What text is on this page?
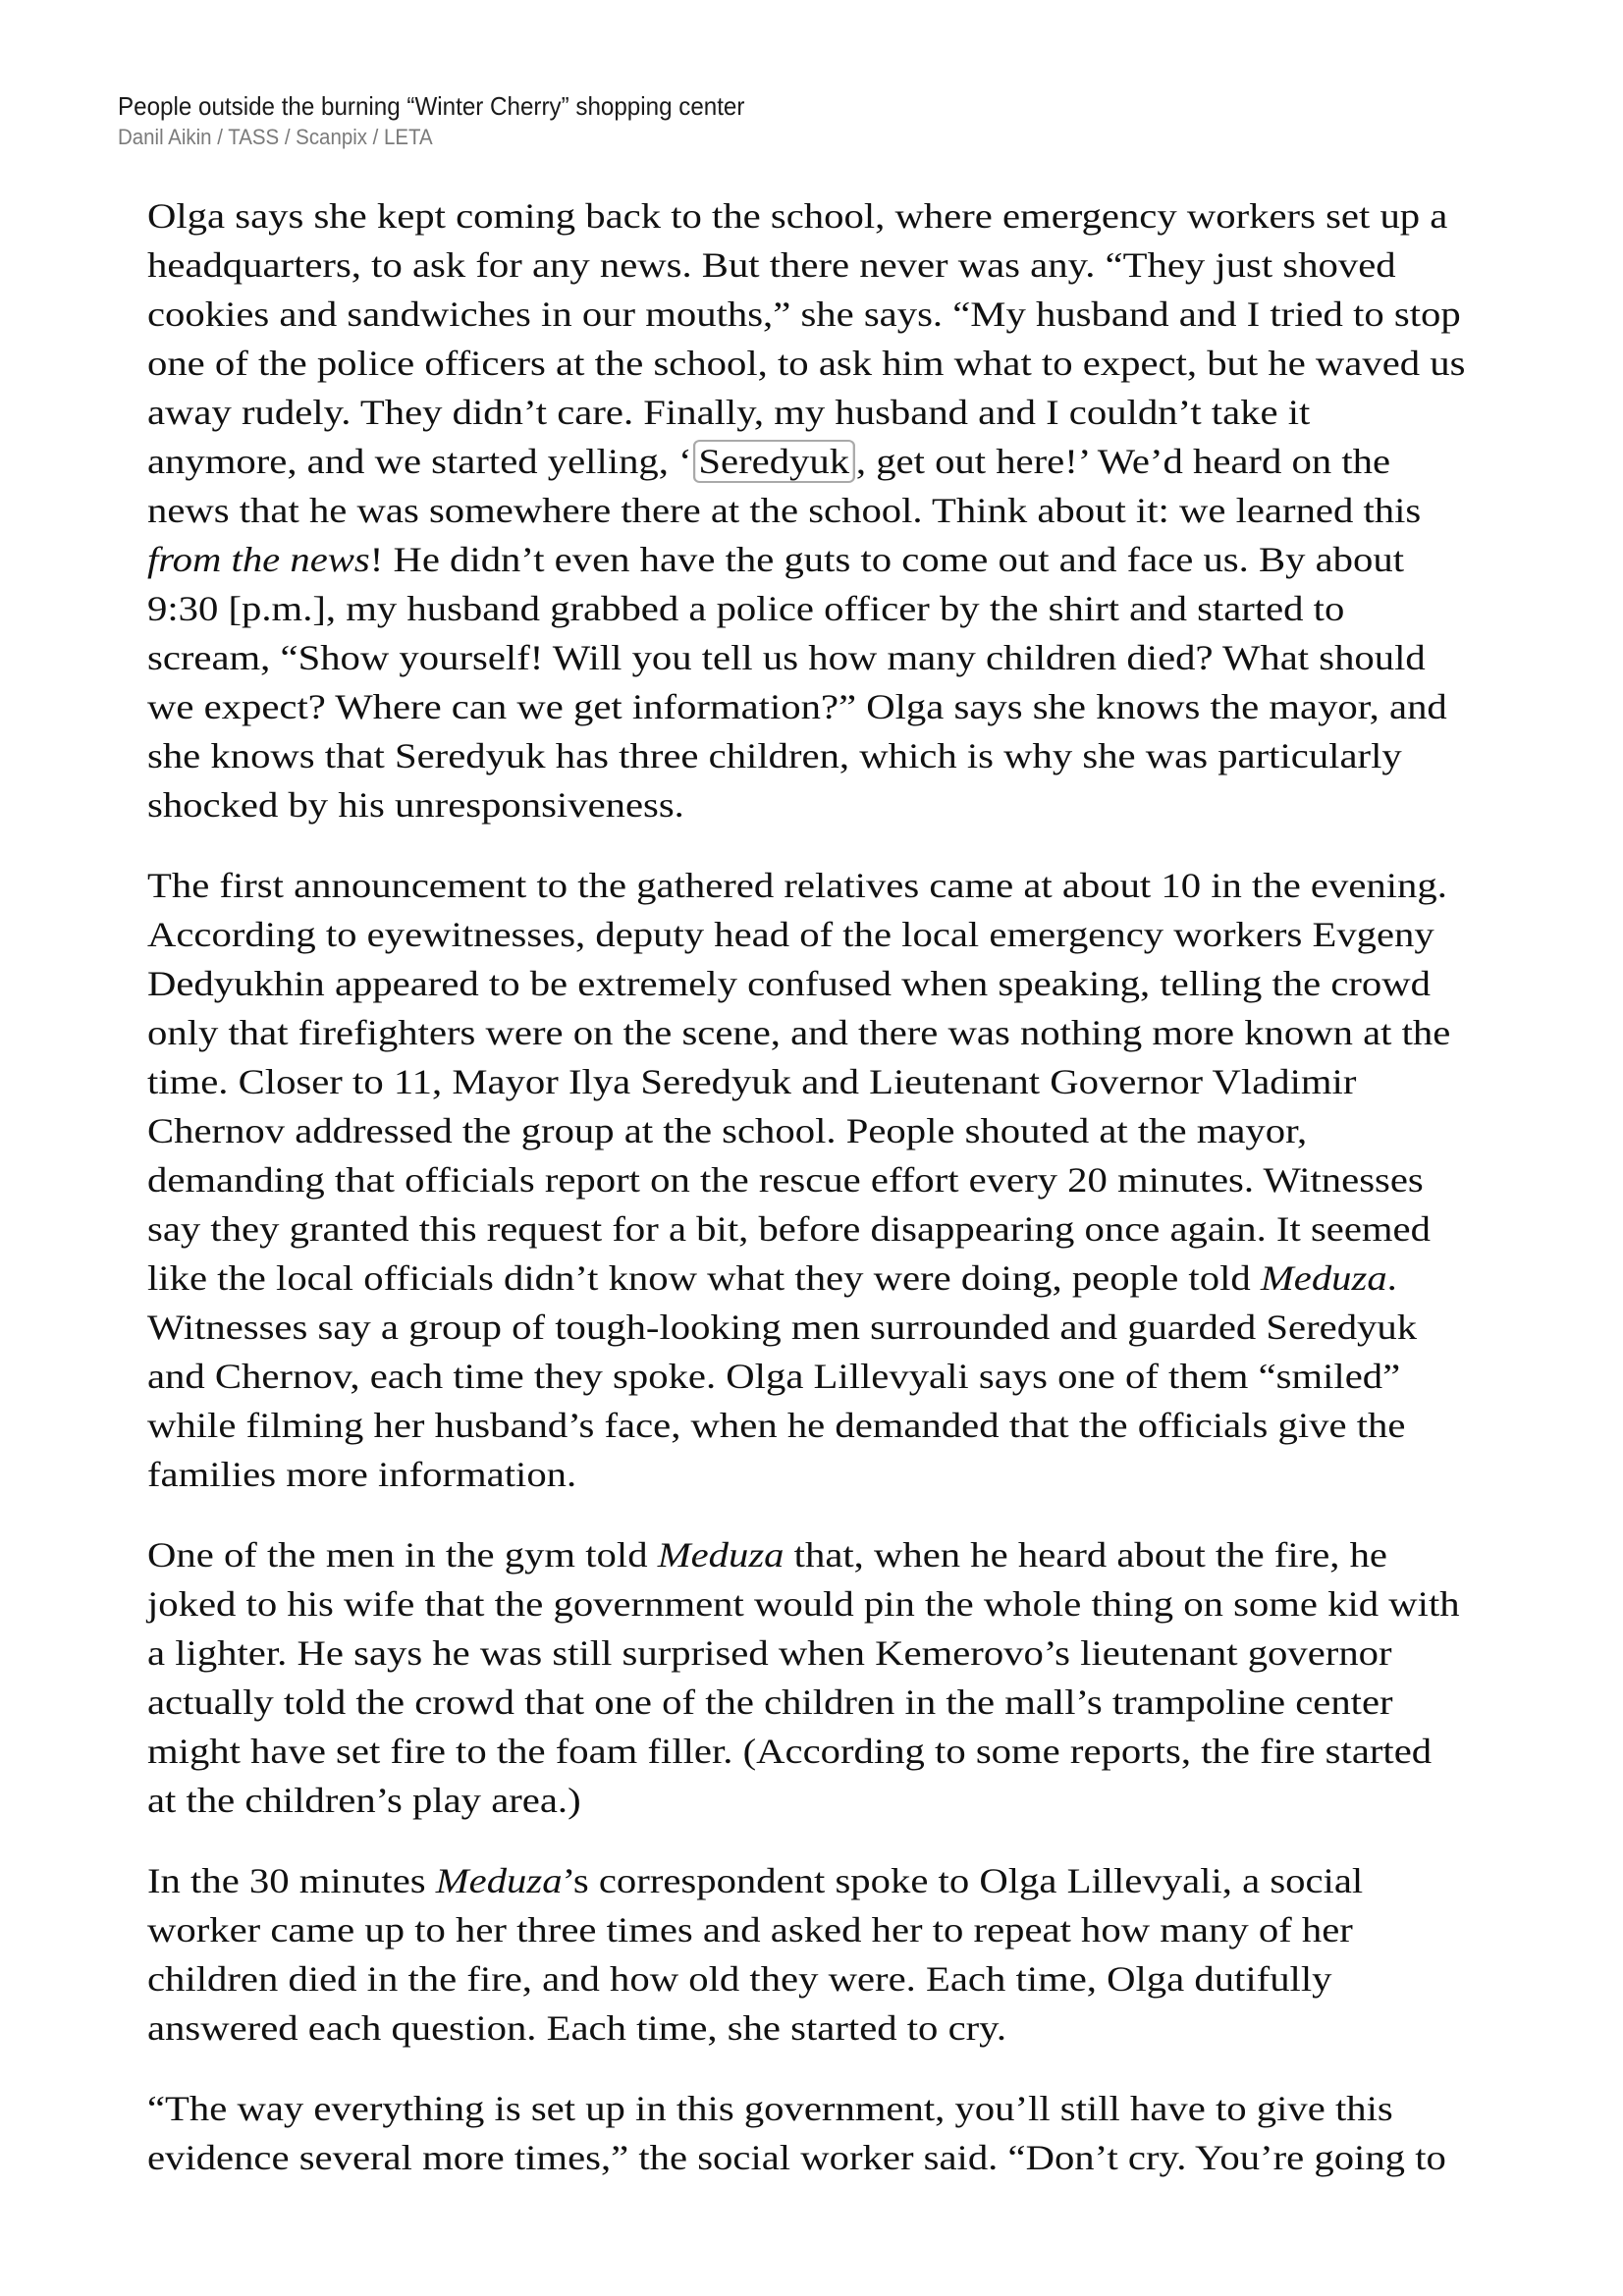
People outside the burning “Winter Cherry” shopping center
Danil Aikin / TASS / Scanpix / LETA
Olga says she kept coming back to the school, where emergency workers set up a
headquarters, to ask for any news. But there never was any. “They just shoved
cookies and sandwiches in our mouths,” she says. “My husband and I tried to stop
one of the police officers at the school, to ask him what to expect, but he waved us
away rudely. They didn’t care. Finally, my husband and I couldn’t take it
anymore, and we started yelling, ‘ Seredyuk , get out here!’ We’d heard on the
news that he was somewhere there at the school. Think about it: we learned this
from the news! He didn’t even have the guts to come out and face us. By about
9:30 [p.m.], my husband grabbed a police officer by the shirt and started to
scream, “Show yourself! Will you tell us how many children died? What should
we expect? Where can we get information?” Olga says she knows the mayor, and
she knows that Seredyuk has three children, which is why she was particularly
shocked by his unresponsiveness.
The first announcement to the gathered relatives came at about 10 in the evening.
According to eyewitnesses, deputy head of the local emergency workers Evgeny
Dedyukhin appeared to be extremely confused when speaking, telling the crowd
only that firefighters were on the scene, and there was nothing more known at the
time. Closer to 11, Mayor Ilya Seredyuk and Lieutenant Governor Vladimir
Chernov addressed the group at the school. People shouted at the mayor,
demanding that officials report on the rescue effort every 20 minutes. Witnesses
say they granted this request for a bit, before disappearing once again. It seemed
like the local officials didn’t know what they were doing, people told Meduza.
Witnesses say a group of tough-looking men surrounded and guarded Seredyuk
and Chernov, each time they spoke. Olga Lillevyali says one of them “smiled”
while filming her husband’s face, when he demanded that the officials give the
families more information.
One of the men in the gym told Meduza that, when he heard about the fire, he
joked to his wife that the government would pin the whole thing on some kid with
a lighter. He says he was still surprised when Kemerovo’s lieutenant governor
actually told the crowd that one of the children in the mall’s trampoline center
might have set fire to the foam filler. (According to some reports, the fire started
at the children’s play area.)
In the 30 minutes Meduza’s correspondent spoke to Olga Lillevyali, a social
worker came up to her three times and asked her to repeat how many of her
children died in the fire, and how old they were. Each time, Olga dutifully
answered each question. Each time, she started to cry.
“The way everything is set up in this government, you’ll still have to give this
evidence several more times,” the social worker said. “Don’t cry. You’re going to
